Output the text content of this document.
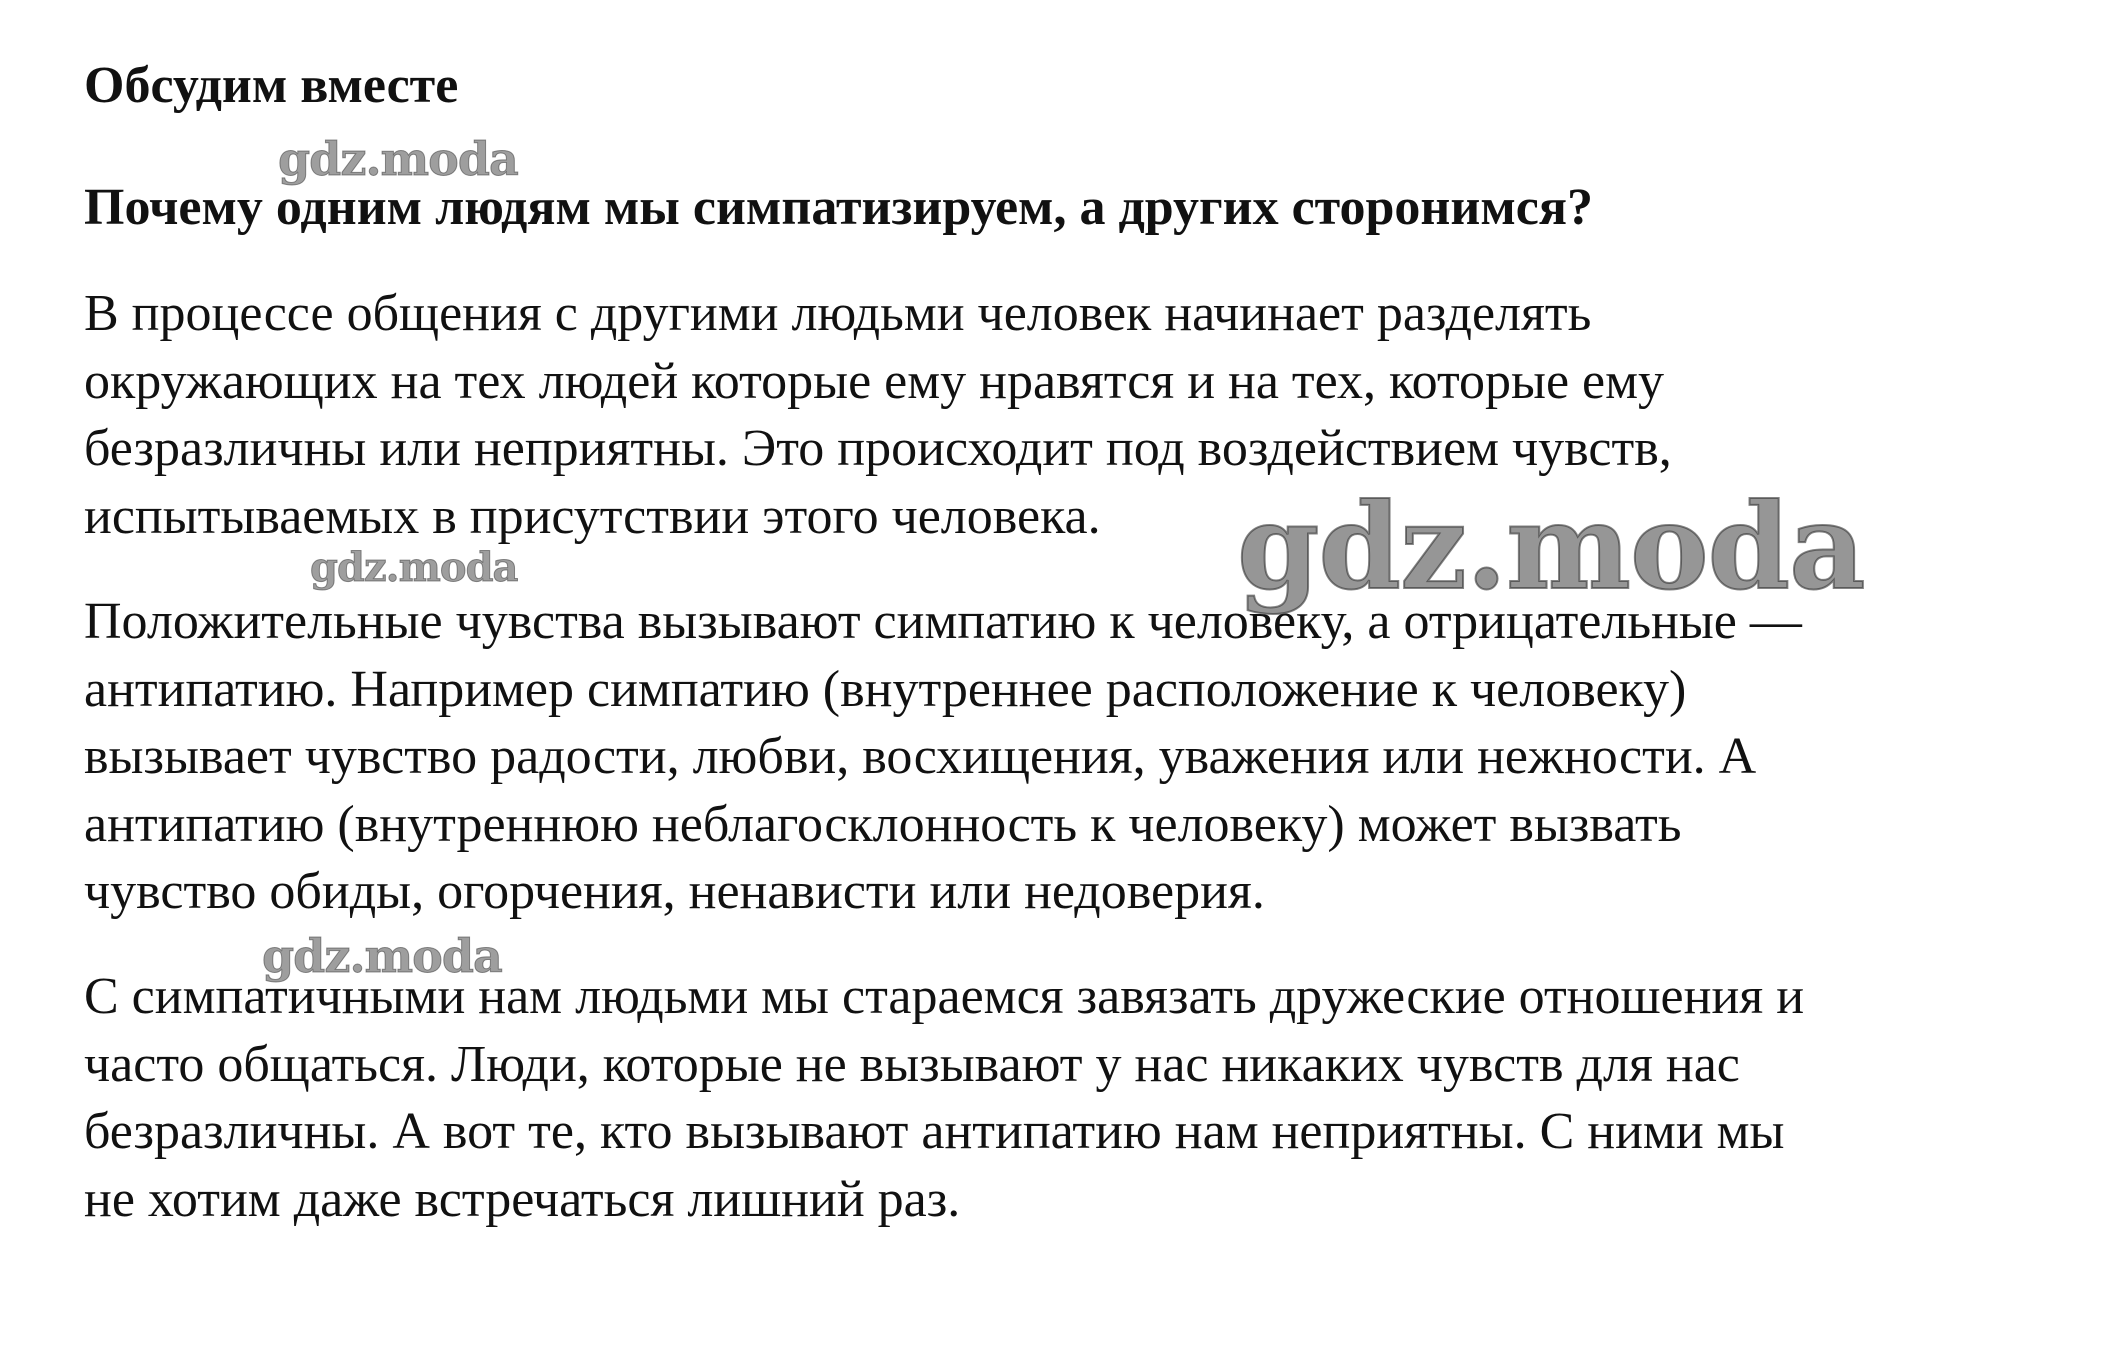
Обсудим вместе
Почему одним людям мы симпатизируем, а других сторонимся?
В процессе общения с другими людьми человек начинает разделять
окружающих на тех людей которые ему нравятся и на тех, которые ему
безразличны или неприятны. Это происходит под воздействием чувств,
испытываемых в присутствии этого человека.
Положительные чувства вызывают симпатию к человеку, а отрицательные —
антипатию. Например симпатию (внутреннее расположение к человеку)
вызывает чувство радости, любви, восхищения, уважения или нежности. А
антипатию (внутреннюю неблагосклонность к человеку) может вызвать
чувство обиды, огорчения, ненависти или недоверия.
С симпатичными нам людьми мы стараемся завязать дружеские отношения и
часто общаться. Люди, которые не вызывают у нас никаких чувств для нас
безразличны. А вот те, кто вызывают антипатию нам неприятны. С ними мы
не хотим даже встречаться лишний раз.
gdz.moda
gdz.moda	gdz.moda
gdz.moda
